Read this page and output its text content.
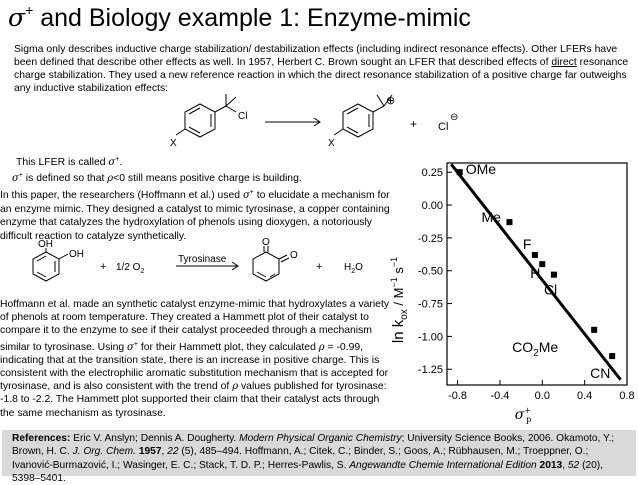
σ+ and Biology example 1: Enzyme-mimic
Sigma only describes inductive charge stabilization/ destabilization effects (including indirect resonance effects). Other LFERs have been defined that describe other effects as well. In 1957, Herbert C. Brown sought an LFER that described effects of direct resonance charge stabilization. They used a new reference reaction in which the direct resonance stabilization of a positive charge far outweighs any inductive stabilization effects:
X
Cl
X
⊕
+ Cl
⊖
This LFER is called σ+.
σ+ is defined so that ρ<0 still means positive charge is building.
In this paper, the researchers (Hoffmann et al.) used σ+ to elucidate a mechanism for an enzyme mimic. They designed a catalyst to mimic tyrosinase, a copper containing enzyme that catalyzes the hydroxylation of phenols using dioxygen, a notoriously difficult reaction to catalyze synthetically.
OH
OH
+ 1/2 $O_2$
Tyrosinase
O
O
+ $H_2O$
Hoffmann et al. made an synthetic catalyst enzyme-mimic that hydroxylates a variety of phenols at room temperature. They created a Hammett plot of their catalyst to compare it to the enzyme to see if their catalyst proceeded through a mechanism similar to tyrosinase. Using σ+ for their Hammett plot, they calculated ρ = -0.99, indicating that at the transition state, there is an increase in positive charge. This is consistent with the electrophilic aromatic substitution mechanism that is accepted for tyrosinase, and is also consistent with the trend of ρ values published for tyrosinase: -1.8 to -2.2. The Hammett plot supported their claim that their catalyst acts through the same mechanism as tyrosinase.
0.25
0.00
-0.25
-0.50
-0.75
-1.00
-1.25
-0.8 -0.4 0.0 0.4 0.8
OMe
Me
F
H
Cl
$CO_2Me$
CN
$\ln k_{ox} / M^{-1}$ $s^{-1}$
σ+ p
References: Eric V. Anslyn; Dennis A. Dougherty. Modern Physical Organic Chemistry; University Science Books, 2006. Okamoto, Y.; Brown, H. C. J. Org. Chem. 1957, 22 (5), 485–494. Hoffmann, A.; Citek, C.; Binder, S.; Goos, A.; Rübhausen, M.; Troeppner, O.; Ivanović-Burmazović, I.; Wasinger, E. C.; Stack, T. D. P.; Herres-Pawlis, S. Angewandte Chemie International Edition 2013, 52 (20), 5398–5401.
